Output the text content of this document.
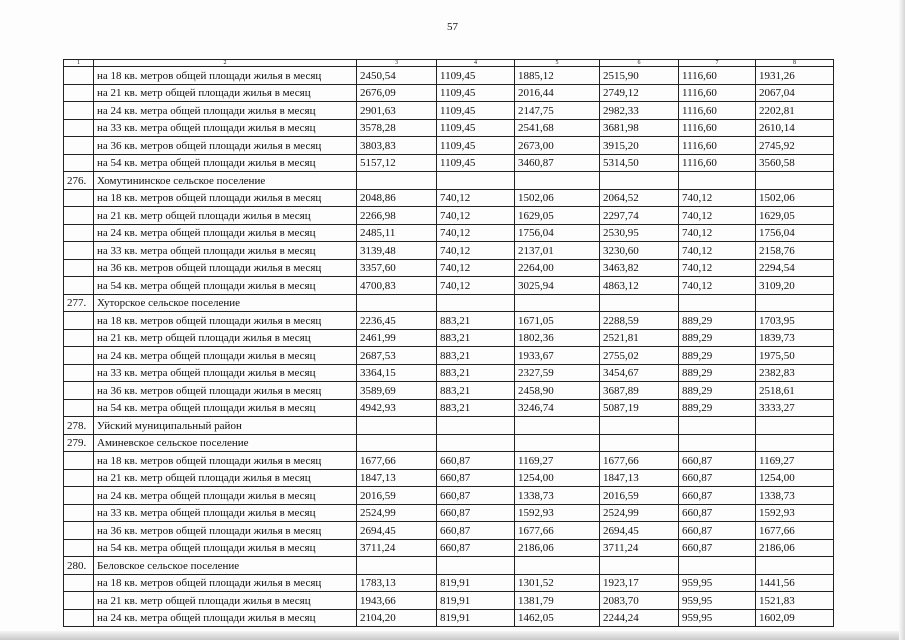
57
1	2	3	4	5	6	7	8
	на 18 кв. метров общей площади жилья в месяц	2450,54	1109,45	1885,12	2515,90	1116,60	1931,26
	на 21 кв. метр общей площади жилья в месяц	2676,09	1109,45	2016,44	2749,12	1116,60	2067,04
	на 24 кв. метра общей площади жилья в месяц	2901,63	1109,45	2147,75	2982,33	1116,60	2202,81
	на 33 кв. метра общей площади жилья в месяц	3578,28	1109,45	2541,68	3681,98	1116,60	2610,14
	на 36 кв. метров общей площади жилья в месяц	3803,83	1109,45	2673,00	3915,20	1116,60	2745,92
	на 54 кв. метра общей площади жилья в месяц	5157,12	1109,45	3460,87	5314,50	1116,60	3560,58
276.	Хомутининское сельское поселение						
	на 18 кв. метров общей площади жилья в месяц	2048,86	740,12	1502,06	2064,52	740,12	1502,06
	на 21 кв. метр общей площади жилья в месяц	2266,98	740,12	1629,05	2297,74	740,12	1629,05
	на 24 кв. метра общей площади жилья в месяц	2485,11	740,12	1756,04	2530,95	740,12	1756,04
	на 33 кв. метра общей площади жилья в месяц	3139,48	740,12	2137,01	3230,60	740,12	2158,76
	на 36 кв. метров общей площади жилья в месяц	3357,60	740,12	2264,00	3463,82	740,12	2294,54
	на 54 кв. метра общей площади жилья в месяц	4700,83	740,12	3025,94	4863,12	740,12	3109,20
277.	Хуторское сельское поселение						
	на 18 кв. метров общей площади жилья в месяц	2236,45	883,21	1671,05	2288,59	889,29	1703,95
	на 21 кв. метр общей площади жилья в месяц	2461,99	883,21	1802,36	2521,81	889,29	1839,73
	на 24 кв. метра общей площади жилья в месяц	2687,53	883,21	1933,67	2755,02	889,29	1975,50
	на 33 кв. метра общей площади жилья в месяц	3364,15	883,21	2327,59	3454,67	889,29	2382,83
	на 36 кв. метров общей площади жилья в месяц	3589,69	883,21	2458,90	3687,89	889,29	2518,61
	на 54 кв. метра общей площади жилья в месяц	4942,93	883,21	3246,74	5087,19	889,29	3333,27
278.	Уйский муниципальный район						
279.	Аминевское сельское поселение						
	на 18 кв. метров общей площади жилья в месяц	1677,66	660,87	1169,27	1677,66	660,87	1169,27
	на 21 кв. метр общей площади жилья в месяц	1847,13	660,87	1254,00	1847,13	660,87	1254,00
	на 24 кв. метра общей площади жилья в месяц	2016,59	660,87	1338,73	2016,59	660,87	1338,73
	на 33 кв. метра общей площади жилья в месяц	2524,99	660,87	1592,93	2524,99	660,87	1592,93
	на 36 кв. метров общей площади жилья в месяц	2694,45	660,87	1677,66	2694,45	660,87	1677,66
	на 54 кв. метра общей площади жилья в месяц	3711,24	660,87	2186,06	3711,24	660,87	2186,06
280.	Беловское сельское поселение						
	на 18 кв. метров общей площади жилья в месяц	1783,13	819,91	1301,52	1923,17	959,95	1441,56
	на 21 кв. метр общей площади жилья в месяц	1943,66	819,91	1381,79	2083,70	959,95	1521,83
	на 24 кв. метра общей площади жилья в месяц	2104,20	819,91	1462,05	2244,24	959,95	1602,09
